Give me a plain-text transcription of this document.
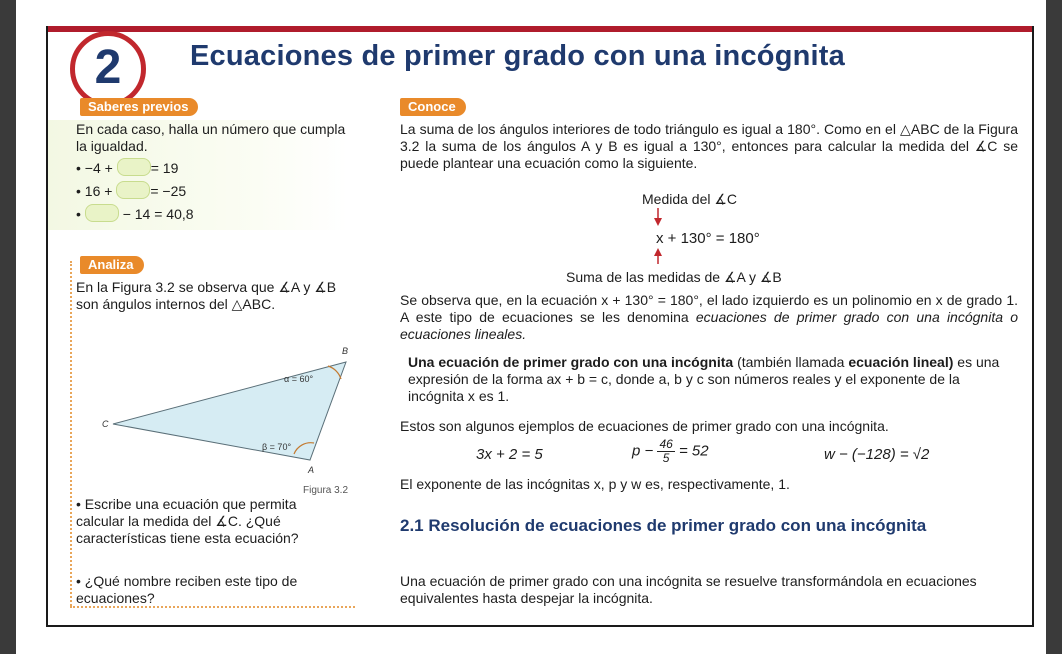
2	Ecuaciones de primer grado con una incógnita
Saberes previos
En cada caso, halla un número que cumpla la igualdad.
• −4 +	= 19
• 16 +	= −25
•	− 14 = 40,8
Analiza
En la Figura 3.2 se observa que ∡A y ∡B son ángulos internos del △ABC.
B
C
A
α = 60°
β = 70°
Figura 3.2
• Escribe una ecuación que permita calcular la medida del ∡C. ¿Qué características tiene esta ecuación?
• ¿Qué nombre reciben este tipo de ecuaciones?
Conoce
La suma de los ángulos interiores de todo triángulo es igual a 180°. Como en el △ABC de la Figura 3.2 la suma de los ángulos A y B es igual a 130°, entonces para calcular la medida del ∡C se puede plantear una ecuación como la siguiente.
Medida del ∡C
x + 130° = 180°
Suma de las medidas de ∡A y ∡B
Se observa que, en la ecuación x + 130° = 180°, el lado izquierdo es un polinomio en x de grado 1. A este tipo de ecuaciones se les denomina ecuaciones de primer grado con una incógnita o ecuaciones lineales.
Una ecuación de primer grado con una incógnita (también llamada ecuación lineal) es una expresión de la forma ax + b = c, donde a, b y c son números reales y el exponente de la incógnita x es 1.
Estos son algunos ejemplos de ecuaciones de primer grado con una incógnita.
3x + 2 = 5	$p - \frac{46}{5} = 52$	w − (−128) = √2
El exponente de las incógnitas x, p y w es, respectivamente, 1.
2.1 Resolución de ecuaciones de primer grado con una incógnita
Una ecuación de primer grado con una incógnita se resuelve transformándola en ecuaciones equivalentes hasta despejar la incógnita.
